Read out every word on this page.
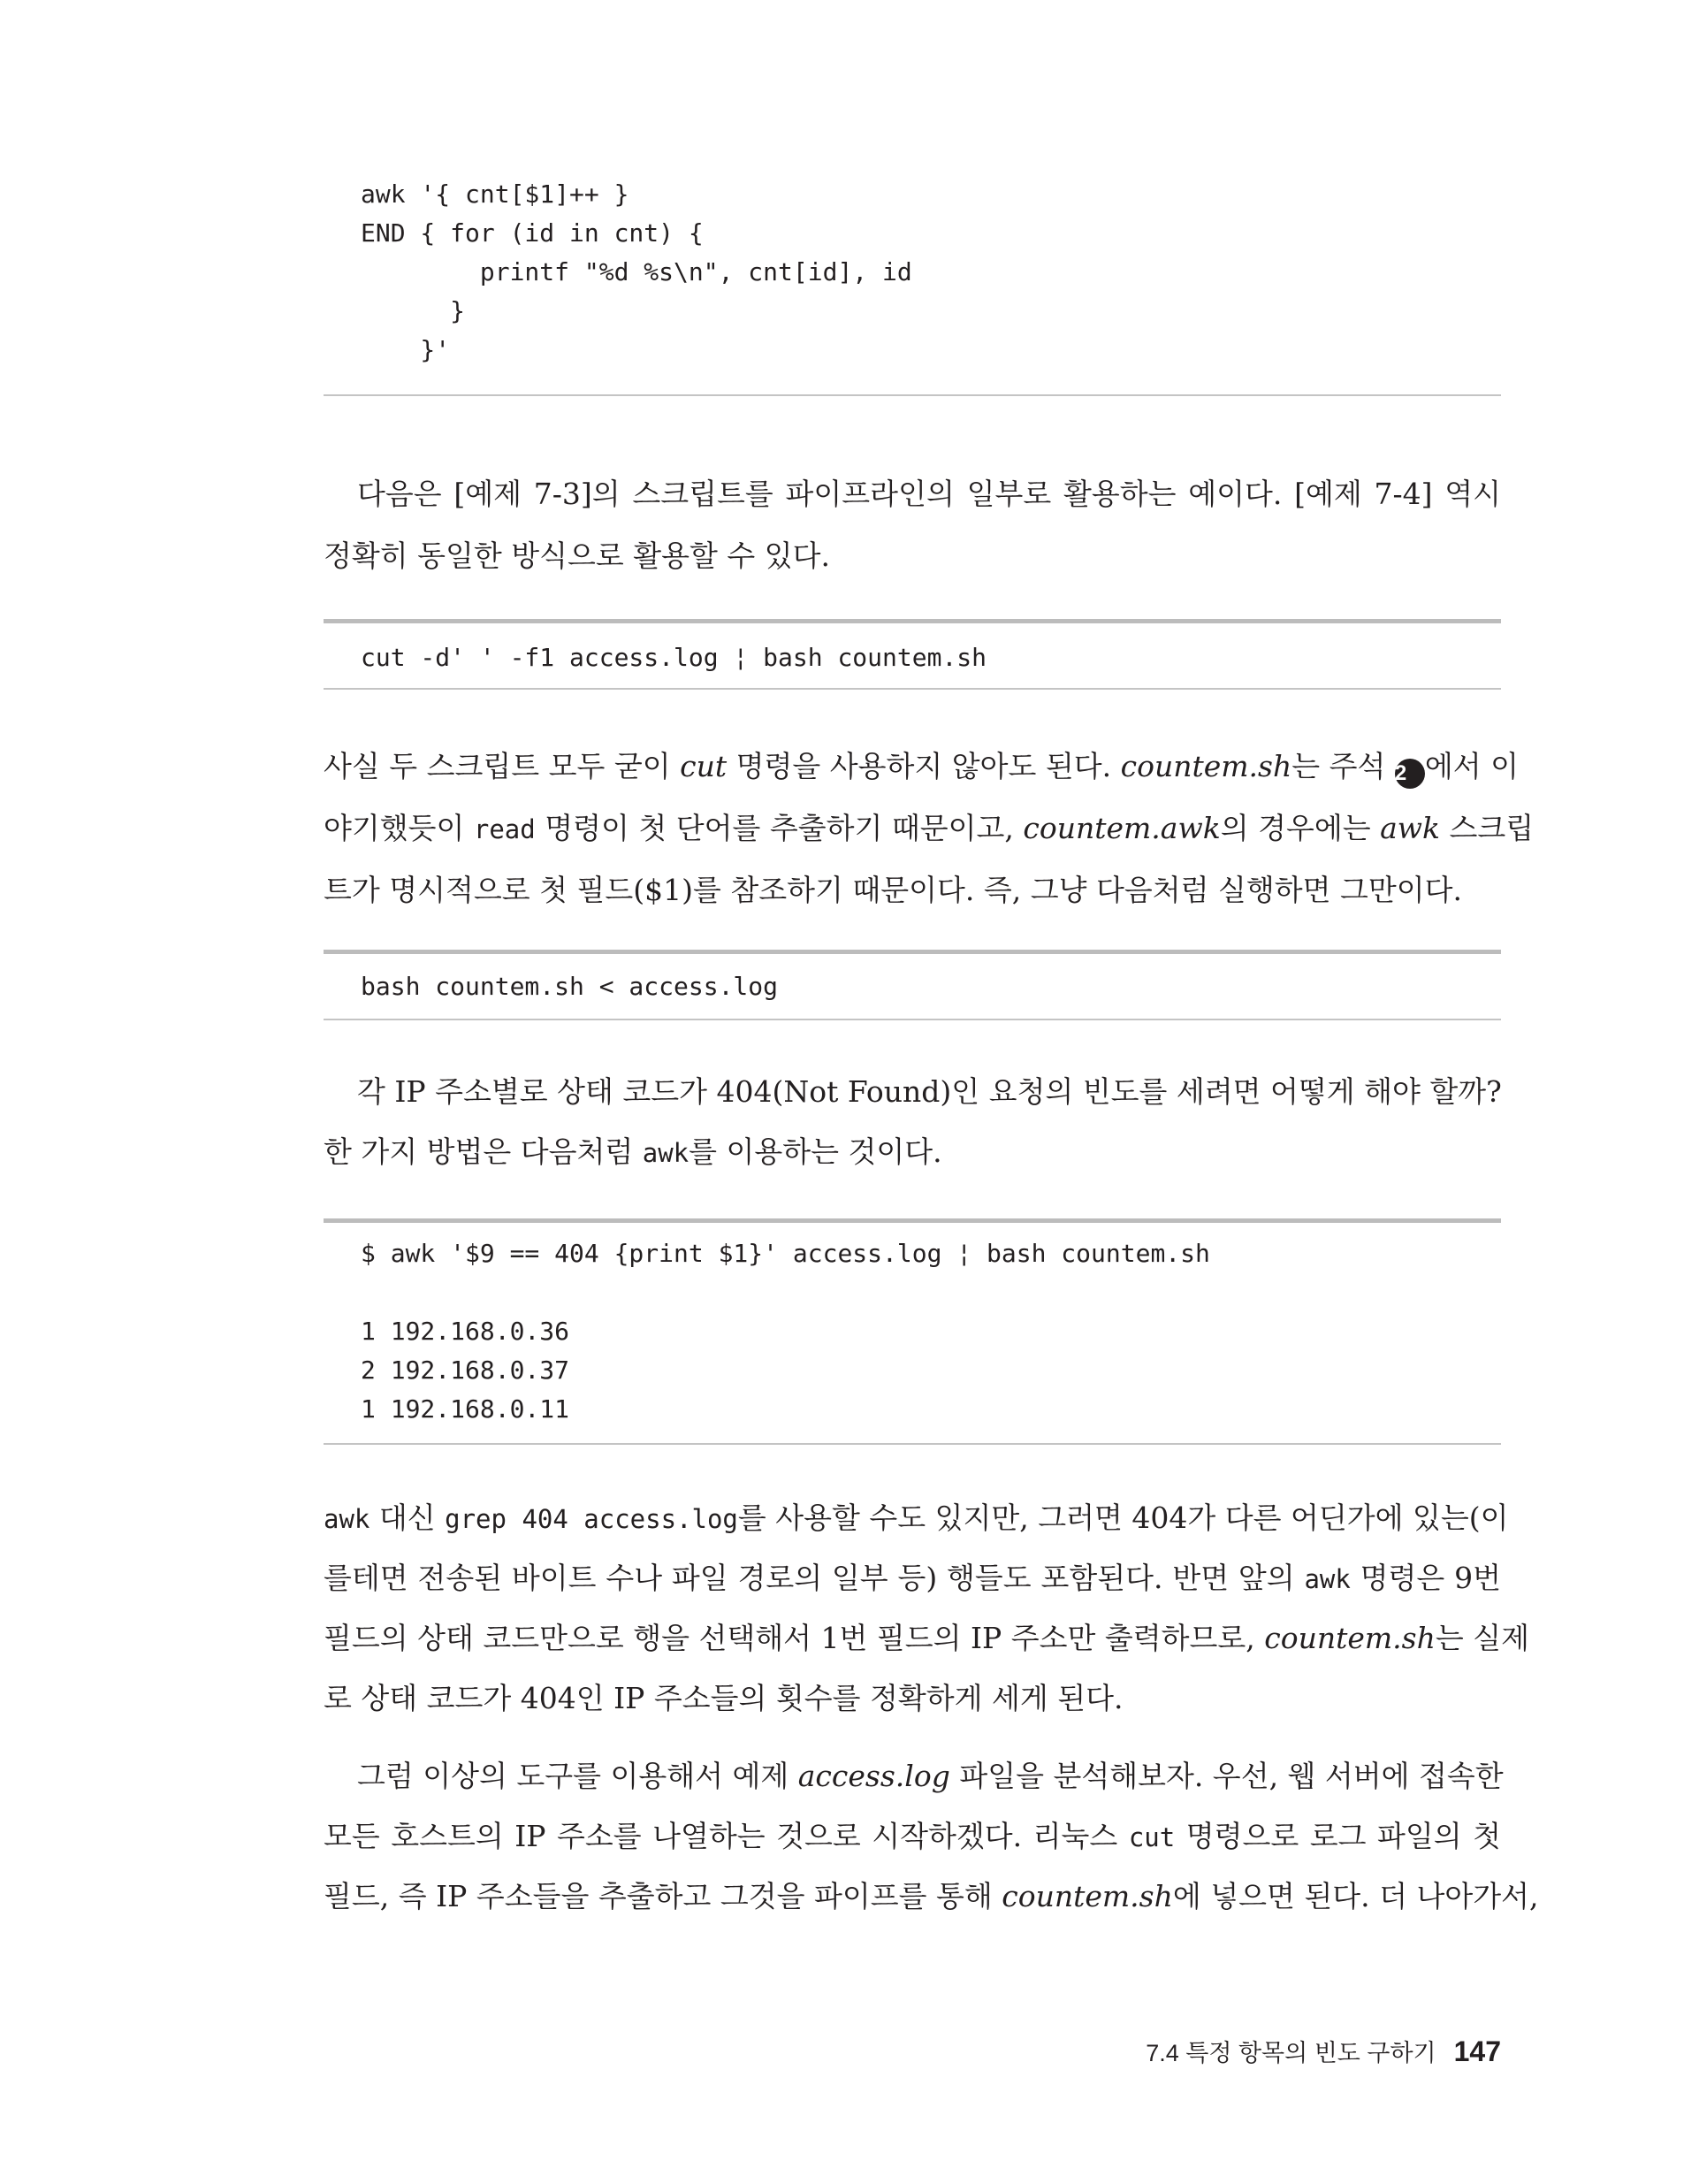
awk '{ cnt[$1]++ }
END { for (id in cnt) {
printf "%d %s\n", cnt[id], id
}
}'
다음은 [예제 7-3]의 스크립트를 파이프라인의 일부로 활용하는 예이다. [예제 7-4] 역시
정확히 동일한 방식으로 활용할 수 있다.
cut -d' ' -f1 access.log ¦ bash countem.sh
사실 두 스크립트 모두 굳이 cut 명령을 사용하지 않아도 된다. countem.sh는 주석 2 에서 이
야기했듯이 read 명령이 첫 단어를 추출하기 때문이고, countem.awk의 경우에는 awk 스크립
트가 명시적으로 첫 필드($1)를 참조하기 때문이다. 즉, 그냥 다음처럼 실행하면 그만이다.
bash countem.sh < access.log
각 IP 주소별로 상태 코드가 404(Not Found)인 요청의 빈도를 세려면 어떻게 해야 할까?
한 가지 방법은 다음처럼 awk를 이용하는 것이다.
$ awk '$9 == 404 {print $1}' access.log ¦ bash countem.sh
1 192.168.0.36
2 192.168.0.37
1 192.168.0.11
awk 대신 grep 404 access.log를 사용할 수도 있지만, 그러면 404가 다른 어딘가에 있는(이
를테면 전송된 바이트 수나 파일 경로의 일부 등) 행들도 포함된다. 반면 앞의 awk 명령은 9번
필드의 상태 코드만으로 행을 선택해서 1번 필드의 IP 주소만 출력하므로, countem.sh는 실제
로 상태 코드가 404인 IP 주소들의 횟수를 정확하게 세게 된다.
그럼 이상의 도구를 이용해서 예제 access.log 파일을 분석해보자. 우선, 웹 서버에 접속한
모든 호스트의 IP 주소를 나열하는 것으로 시작하겠다. 리눅스 cut 명령으로 로그 파일의 첫
필드, 즉 IP 주소들을 추출하고 그것을 파이프를 통해 countem.sh에 넣으면 된다. 더 나아가서,
7.4 특정 항목의 빈도 구하기 147
